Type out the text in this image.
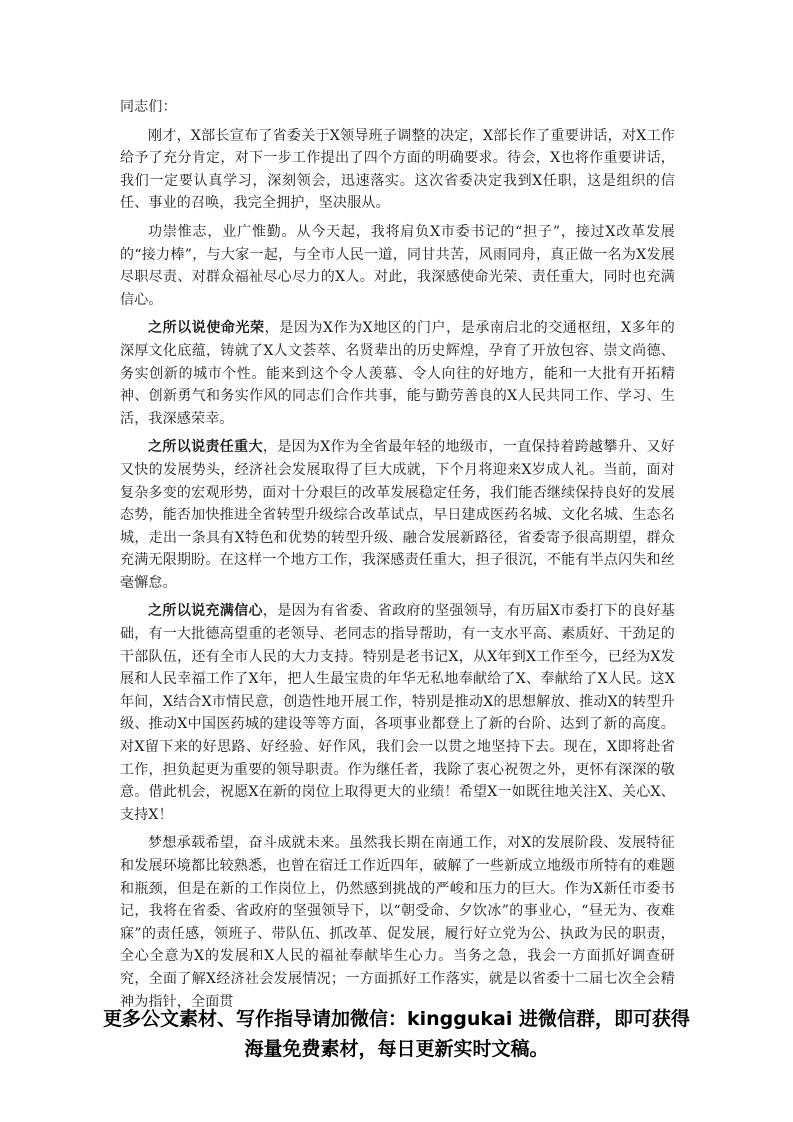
同志们：

刚才，X部长宣布了省委关于X领导班子调整的决定，X部长作了重要讲话，对X工作给予了充分肯定，对下一步工作提出了四个方面的明确要求。待会，X也将作重要讲话，我们一定要认真学习，深刻领会，迅速落实。这次省委决定我到X任职，这是组织的信任、事业的召唤，我完全拥护，坚决服从。

功崇惟志，业广惟勤。从今天起，我将肩负X市委书记的“担子”，接过X改革发展的“接力棒”，与大家一起，与全市人民一道，同甘共苦，风雨同舟，真正做一名为X发展尽职尽责、对群众福祉尽心尽力的X人。对此，我深感使命光荣、责任重大，同时也充满信心。

之所以说使命光荣，是因为X作为X地区的门户，是承南启北的交通枢纽，X多年的深厚文化底蕴，铸就了X人文荟萃、名贤辈出的历史辉煌，孕育了开放包容、崇文尚德、务实创新的城市个性。能来到这个令人羡慕、令人向往的好地方，能和一大批有开拓精神、创新勇气和务实作风的同志们合作共事，能与勤劳善良的X人民共同工作、学习、生活，我深感荣幸。

之所以说责任重大，是因为X作为全省最年轻的地级市，一直保持着跨越攀升、又好又快的发展势头，经济社会发展取得了巨大成就，下个月将迎来X岁成人礼。当前，面对复杂多变的宏观形势，面对十分艰巨的改革发展稳定任务，我们能否继续保持良好的发展态势，能否加快推进全省转型升级综合改革试点，早日建成医药名城、文化名城、生态名城，走出一条具有X特色和优势的转型升级、融合发展新路径，省委寄予很高期望，群众充满无限期盼。在这样一个地方工作，我深感责任重大，担子很沉，不能有半点闪失和丝毫懈怠。

之所以说充满信心，是因为有省委、省政府的坚强领导，有历届X市委打下的良好基础，有一大批德高望重的老领导、老同志的指导帮助，有一支水平高、素质好、干劲足的干部队伍，还有全市人民的大力支持。特别是老书记X，从X年到X工作至今，已经为X发展和人民幸福工作了X年，把人生最宝贵的年华无私地奉献给了X、奉献给了X人民。这X年间，X结合X市情民意，创造性地开展工作，特别是推动X的思想解放、推动X的转型升级、推动X中国医药城的建设等等方面，各项事业都登上了新的台阶、达到了新的高度。对X留下来的好思路、好经验、好作风，我们会一以贯之地坚持下去。现在，X即将赴省工作，担负起更为重要的领导职责。作为继任者，我除了衷心祝贺之外，更怀有深深的敬意。借此机会，祝愿X在新的岗位上取得更大的业绩！希望X一如既往地关注X、关心X、支持X！

梦想承载希望，奋斗成就未来。虽然我长期在南通工作，对X的发展阶段、发展特征和发展环境都比较熟悉，也曾在宿迁工作近四年，破解了一些新成立地级市所特有的难题和瓶颈，但是在新的工作岗位上，仍然感到挑战的严峻和压力的巨大。作为X新任市委书记，我将在省委、省政府的坚强领导下，以“朝受命、夕饮冰”的事业心，“昼无为、夜难寐”的责任感，领班子、带队伍、抓改革、促发展，履行好立党为公、执政为民的职责，全心全意为X的发展和X人民的福祉奉献毕生心力。当务之急，我会一方面抓好调查研究，全面了解X经济社会发展情况；一方面抓好工作落实，就是以省委十二届七次全会精神为指针，全面贯

更多公文素材、写作指导请加微信：kinggukai 进微信群，即可获得
海量免费素材，每日更新实时文稿。
